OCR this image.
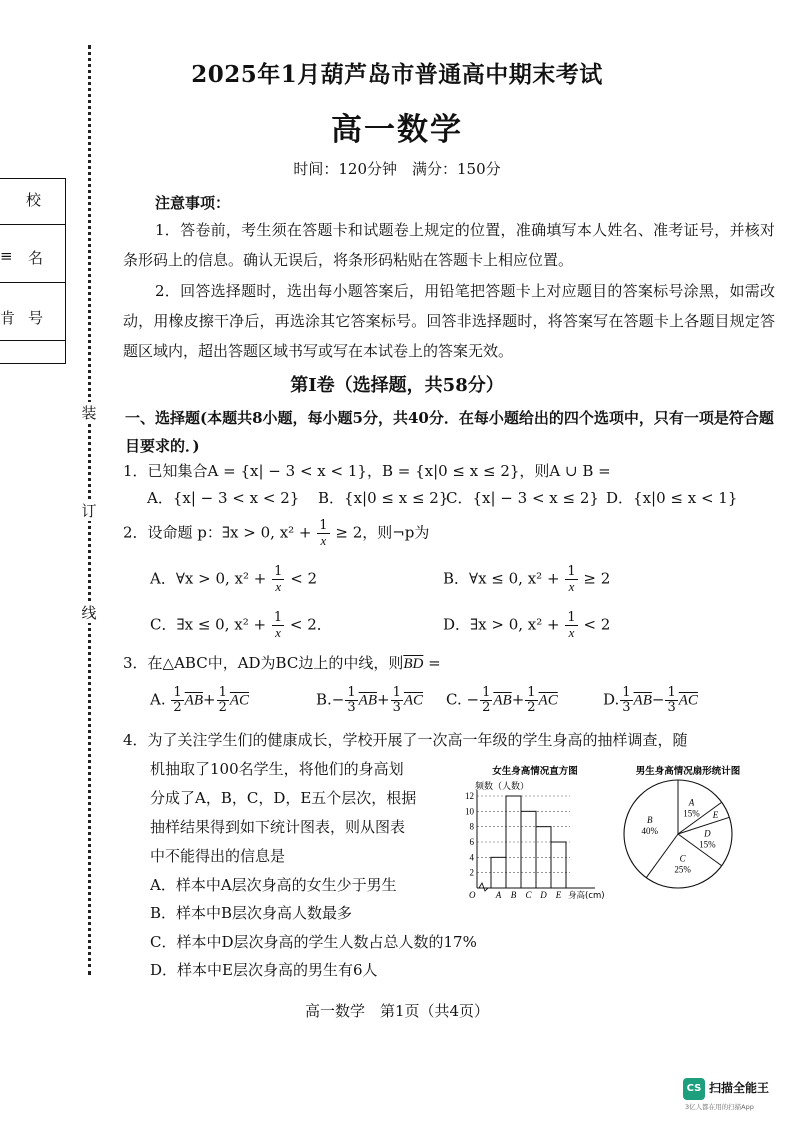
校
≡ 名
肯 号
装
订
线
2025年1月葫芦岛市普通高中期末考试
高一数学
时间：120分钟　满分：150分
注意事项：
1．答卷前，考生须在答题卡和试题卷上规定的位置，准确填写本人姓名、准考证号，并核对条形码上的信息。确认无误后，将条形码粘贴在答题卡上相应位置。
2．回答选择题时，选出每小题答案后，用铅笔把答题卡上对应题目的答案标号涂黑，如需改动，用橡皮擦干净后，再选涂其它答案标号。回答非选择题时，将答案写在答题卡上各题目规定答题区域内，超出答题区域书写或写在本试卷上的答案无效。
第Ⅰ卷（选择题，共58分）
一、选择题(本题共8小题，每小题5分，共40分．在每小题给出的四个选项中，只有一项是符合题目要求的．)
1．已知集合A = {x| − 3 < x < 1}，B = {x|0 ≤ x ≤ 2}，则A ∪ B =
A．{x| − 3 < x < 2} B．{x|0 ≤ x ≤ 2}
C．{x| − 3 < x ≤ 2} D．{x|0 ≤ x < 1}
2．设命题 p：∃x > 0, $x^2 + \frac{1}{x} \ge 2$，则¬p为
A．∀x > 0, $x^2 + \frac{1}{x} < 2$	B．∀x ≤ 0, $x^2 + \frac{1}{x} \ge 2$
C．∃x ≤ 0, $x^2 + \frac{1}{x} < 2$．	D．∃x > 0, $x^2 + \frac{1}{x} < 2$
3．在△ABC中，AD为BC边上的中线，则$\overline{BD}$ =
A. $\frac{1}{2} \overline{AB}+ \frac{1}{2} \overline{AC}$	$B.- \frac{1}{3} \overline{AB}+ \frac{1}{3} \overline{AC}$ C. − $\frac{1}{2} \overline{AB}+ \frac{1}{2} \overline{AC}$	D. $\frac{1}{3} \overline{AB}- \frac{1}{3} \overline{AC}$
4．为了关注学生们的健康成长，学校开展了一次高一年级的学生身高的抽样调查，随
机抽取了100名学生，将他们的身高划
分成了A，B，C，D，E五个层次，根据
抽样结果得到如下统计图表，则从图表
中不能得出的信息是
A．样本中A层次身高的女生少于男生
B．样本中B层次身高人数最多
C．样本中D层次身高的学生人数占总人数的17%
D．样本中E层次身高的男生有6人
女生身高情况直方图
频数（人数）
2
4
6
8
10
12
O A B C D E 身高(cm)
男生身高情况扇形统计图
B
40%
A
15% E
D
15%
C
25%
高一数学　第1页（共4页）
CS 扫描全能王
3亿人都在用的扫描App
